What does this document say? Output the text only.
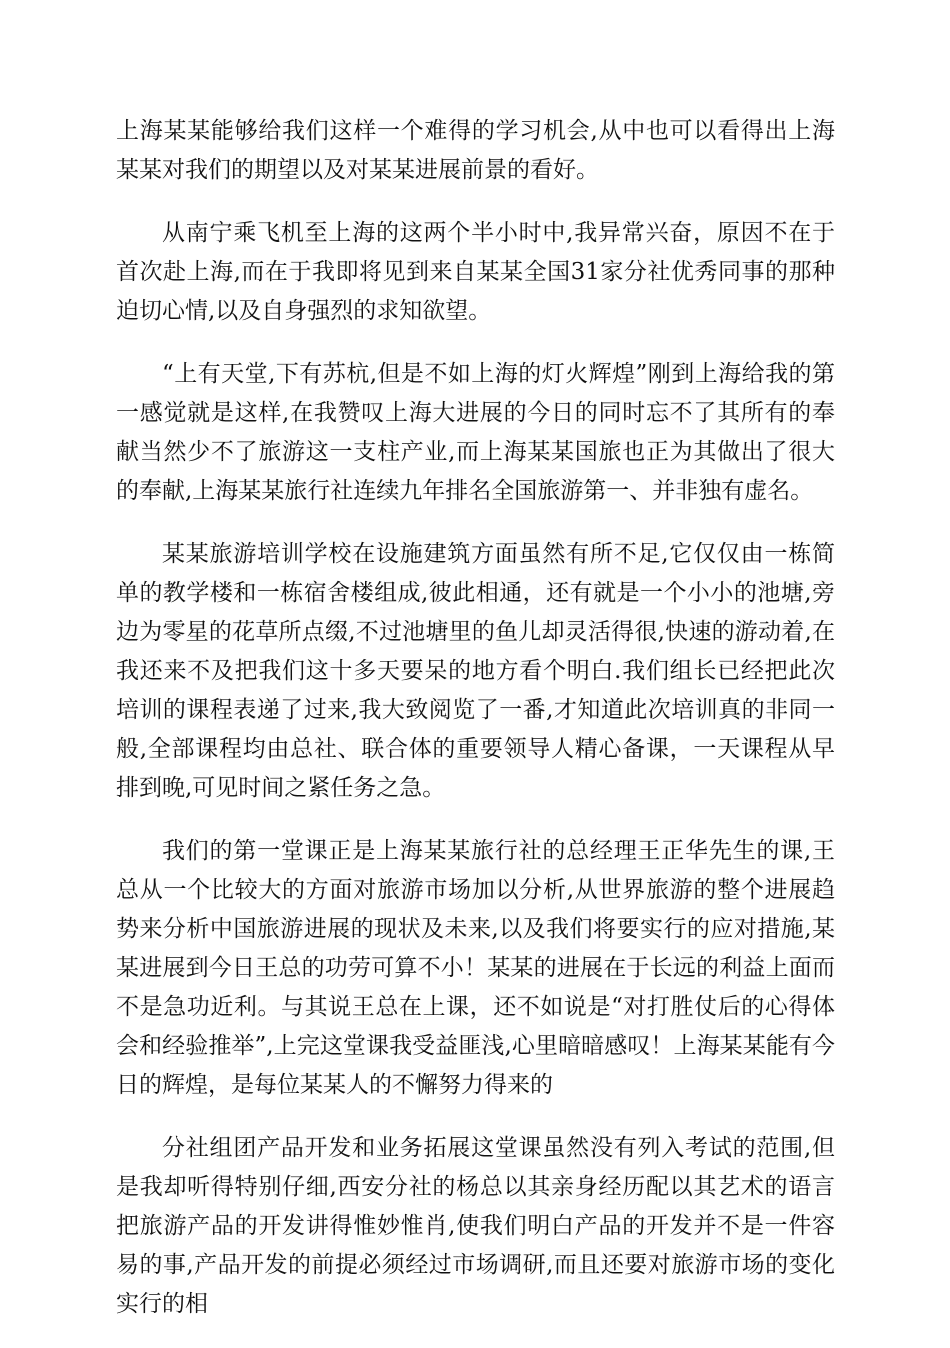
上海某某能够给我们这样一个难得的学习机会,从中也可以看得出上海某某对我们的期望以及对某某进展前景的看好。

从南宁乘飞机至上海的这两个半小时中,我异常兴奋，原因不在于首次赴上海,而在于我即将见到来自某某全国31家分社优秀同事的那种迫切心情,以及自身强烈的求知欲望。

“上有天堂,下有苏杭,但是不如上海的灯火辉煌”刚到上海给我的第一感觉就是这样,在我赞叹上海大进展的今日的同时忘不了其所有的奉献当然少不了旅游这一支柱产业,而上海某某国旅也正为其做出了很大的奉献,上海某某旅行社连续九年排名全国旅游第一、并非独有虚名。

某某旅游培训学校在设施建筑方面虽然有所不足,它仅仅由一栋简单的教学楼和一栋宿舍楼组成,彼此相通，还有就是一个小小的池塘,旁边为零星的花草所点缀,不过池塘里的鱼儿却灵活得很,快速的游动着,在我还来不及把我们这十多天要呆的地方看个明白.我们组长已经把此次培训的课程表递了过来,我大致阅览了一番,才知道此次培训真的非同一般,全部课程均由总社、联合体的重要领导人精心备课，一天课程从早排到晚,可见时间之紧任务之急。

我们的第一堂课正是上海某某旅行社的总经理王正华先生的课,王总从一个比较大的方面对旅游市场加以分析,从世界旅游的整个进展趋势来分析中国旅游进展的现状及未来,以及我们将要实行的应对措施,某某进展到今日王总的功劳可算不小！某某的进展在于长远的利益上面而不是急功近利。与其说王总在上课，还不如说是“对打胜仗后的心得体会和经验推举”,上完这堂课我受益匪浅,心里暗暗感叹！上海某某能有今日的辉煌，是每位某某人的不懈努力得来的

分社组团产品开发和业务拓展这堂课虽然没有列入考试的范围,但是我却听得特别仔细,西安分社的杨总以其亲身经历配以其艺术的语言把旅游产品的开发讲得惟妙惟肖,使我们明白产品的开发并不是一件容易的事,产品开发的前提必须经过市场调研,而且还要对旅游市场的变化实行的相
